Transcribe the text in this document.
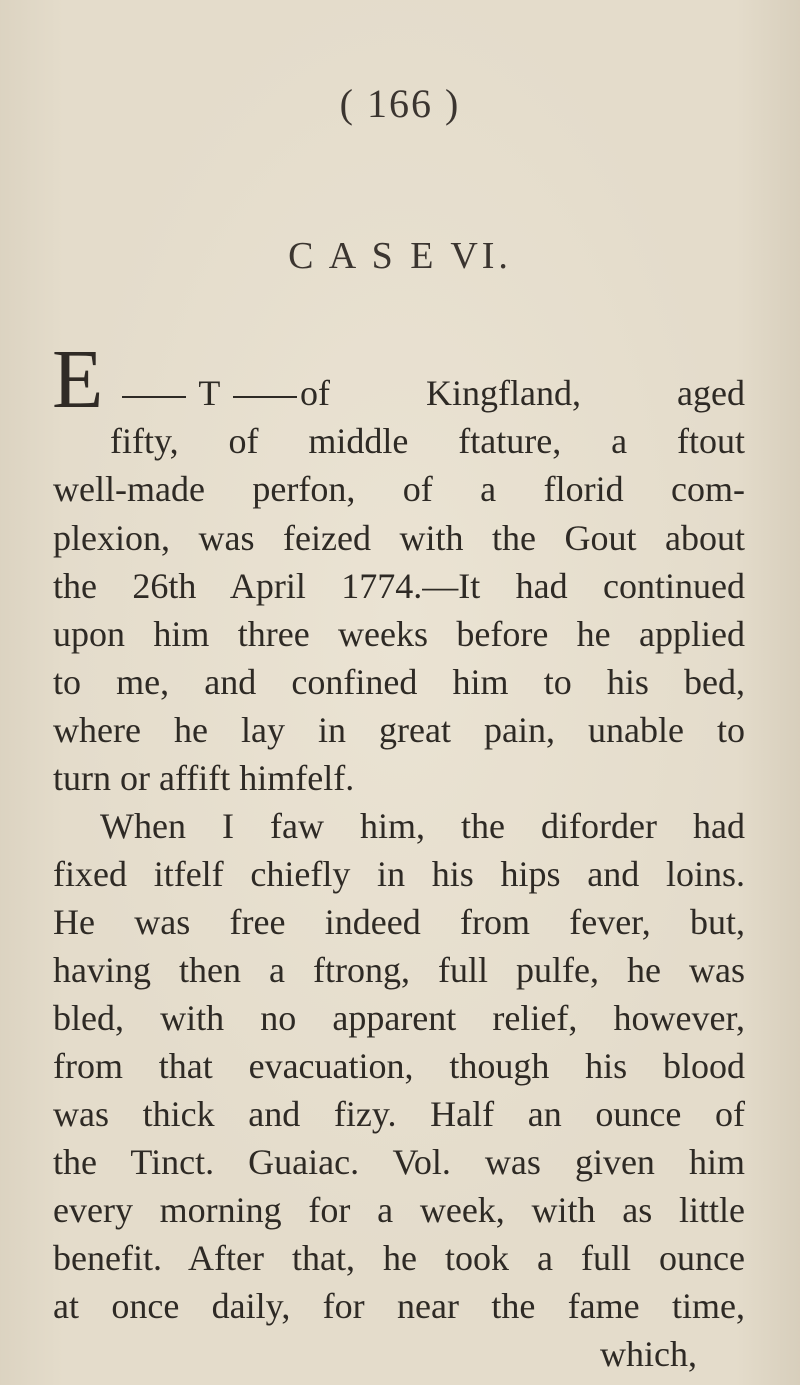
( 166 )
C A S E VI.
E	T	of Kingfland, aged
fifty, of middle ftature, a ftout
well-made perfon, of a florid com-
plexion, was feized with the Gout about
the 26th April 1774.—It had continued
upon him three weeks before he applied
to me, and confined him to his bed,
where he lay in great pain, unable to
turn or affift himfelf.
When I faw him, the diforder had
fixed itfelf chiefly in his hips and loins.
He was free indeed from fever, but,
having then a ftrong, full pulfe, he was
bled, with no apparent relief, however,
from that evacuation, though his blood
was thick and fizy. Half an ounce of
the Tinct. Guaiac. Vol. was given him
every morning for a week, with as little
benefit. After that, he took a full ounce
at once daily, for near the fame time,
which,
